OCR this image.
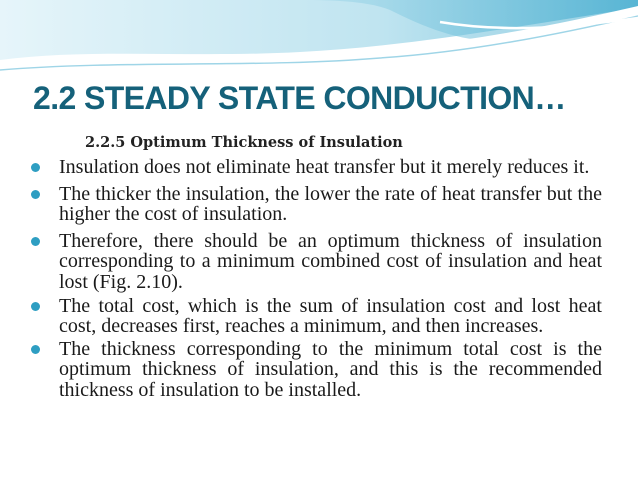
2.2 STEADY STATE CONDUCTION…
2.2.5 Optimum Thickness of Insulation
Insulation does not eliminate heat transfer but it merely reduces it.
The thicker the insulation, the lower the rate of heat transfer but the higher the cost of insulation.
Therefore, there should be an optimum thickness of insulation corresponding to a minimum combined cost of insulation and heat lost (Fig. 2.10).
The total cost, which is the sum of insulation cost and lost heat cost, decreases first, reaches a minimum, and then increases.
The thickness corresponding to the minimum total cost is the optimum thickness of insulation, and this is the recommended thickness of insulation to be installed.
